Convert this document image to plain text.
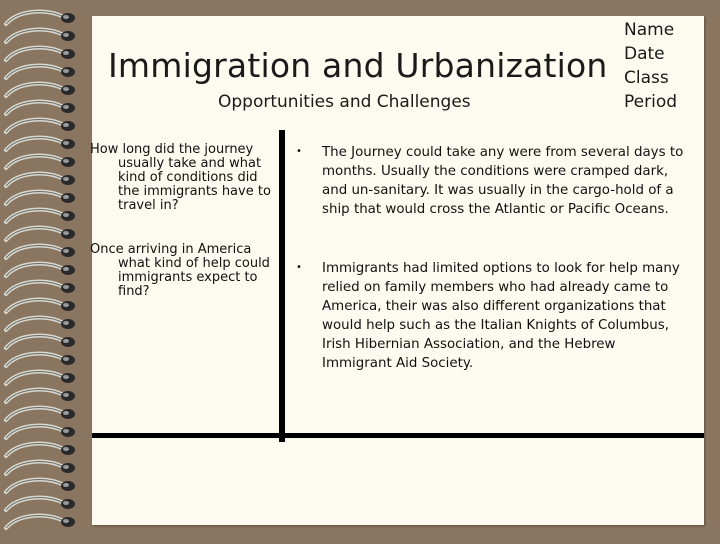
Immigration and Urbanization
Opportunities and Challenges
Name
Date
Class
Period
How long did the journey
usually take and what kind of conditions did the immigrants have to travel in?
Once arriving in America
what kind of help could immigrants expect to find?
• The Journey could take any were from several days to months. Usually the conditions were cramped dark, and un-sanitary. It was usually in the cargo-hold of a ship that would cross the Atlantic or Pacific Oceans.
• Immigrants had limited options to look for help many relied on family members who had already came to America, their was also different organizations that would help such as the Italian Knights of Columbus, Irish Hibernian Association, and the Hebrew Immigrant Aid Society.
